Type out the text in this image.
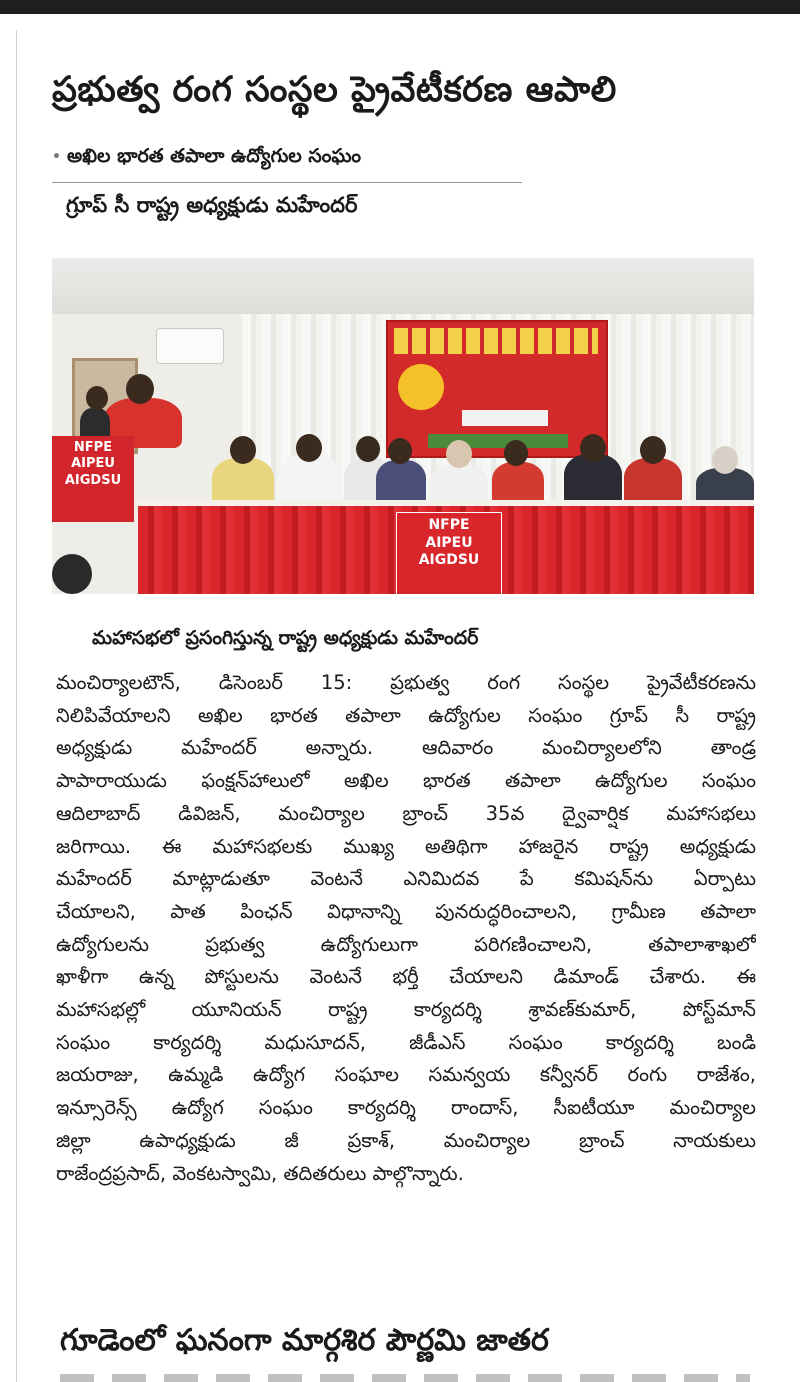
ప్రభుత్వ రంగ సంస్థల ప్రైవేటీకరణ ఆపాలి
• అఖిల భారత తపాలా ఉద్యోగుల సంఘం
గ్రూప్ సీ రాష్ట్ర అధ్యక్షుడు మహేందర్
NFPE
AIPEU
AIGDSU
NFPE
AIPEU
AIGDSU
మహాసభలో ప్రసంగిస్తున్న రాష్ట్ర అధ్యక్షుడు మహేందర్
మంచిర్యాలటౌన్, డిసెంబర్ 15: ప్రభుత్వ రంగ సంస్థల ప్రైవేటీకరణను
నిలిపివేయాలని అఖిల భారత తపాలా ఉద్యోగుల సంఘం గ్రూప్ సీ రాష్ట్ర
అధ్యక్షుడు మహేందర్ అన్నారు. ఆదివారం మంచిర్యాలలోని తాండ్ర
పాపారాయుడు ఫంక్షన్‌హాలులో అఖిల భారత తపాలా ఉద్యోగుల సంఘం
ఆదిలాబాద్ డివిజన్, మంచిర్యాల బ్రాంచ్ 35వ ద్వైవార్షిక మహాసభలు
జరిగాయి. ఈ మహాసభలకు ముఖ్య అతిథిగా హాజరైన రాష్ట్ర అధ్యక్షుడు
మహేందర్ మాట్లాడుతూ వెంటనే ఎనిమిదవ పే కమిషన్‌ను ఏర్పాటు
చేయాలని, పాత పింఛన్ విధానాన్ని పునరుద్ధరించాలని, గ్రామీణ తపాలా
ఉద్యోగులను ప్రభుత్వ ఉద్యోగులుగా పరిగణించాలని, తపాలాశాఖలో
ఖాళీగా ఉన్న పోస్టులను వెంటనే భర్తీ చేయాలని డిమాండ్ చేశారు. ఈ
మహాసభల్లో యూనియన్ రాష్ట్ర కార్యదర్శి శ్రావణ్‌కుమార్, పోస్ట్‌మాన్
సంఘం కార్యదర్శి మధుసూదన్, జీడీఎస్ సంఘం కార్యదర్శి బండి
జయరాజు, ఉమ్మడి ఉద్యోగ సంఘాల సమన్వయ కన్వీనర్ రంగు రాజేశం,
ఇన్సూరెన్స్ ఉద్యోగ సంఘం కార్యదర్శి రాందాస్, సీఐటీయూ మంచిర్యాల
జిల్లా ఉపాధ్యక్షుడు జీ ప్రకాశ్, మంచిర్యాల బ్రాంచ్ నాయకులు
రాజేంద్రప్రసాద్, వెంకటస్వామి, తదితరులు పాల్గొన్నారు.
గూడెంలో ఘనంగా మార్గశిర పౌర్ణమి జాతర
